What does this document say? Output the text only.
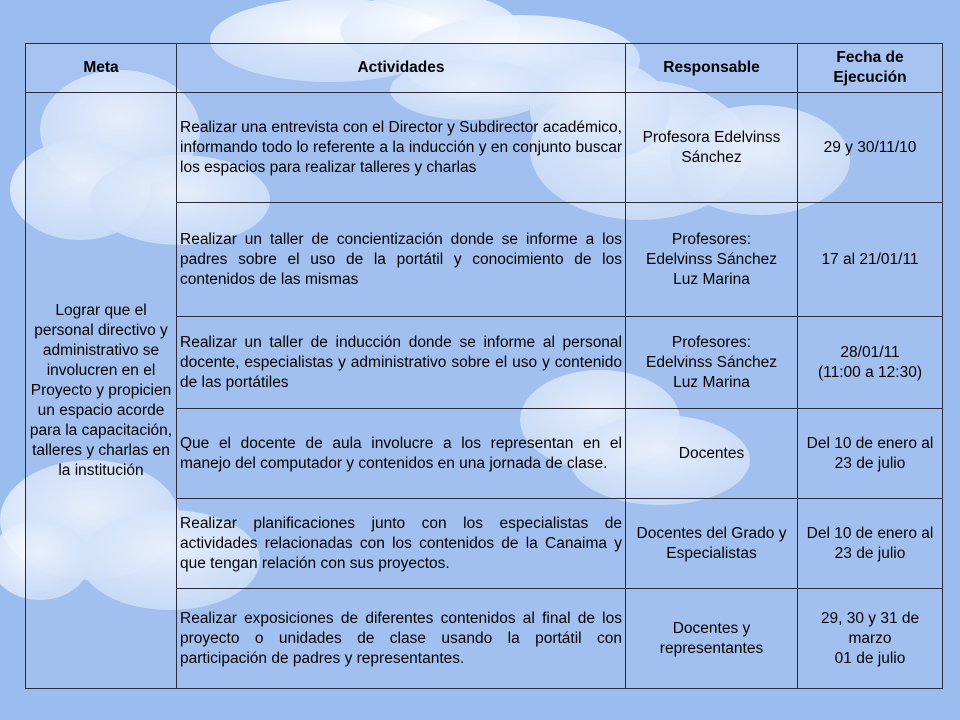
Meta	Actividades	Responsable	Fecha de Ejecución
Lograr que el personal directivo y administrativo se involucren en el Proyecto y propicien un espacio acorde para la capacitación, talleres y charlas en la institución	Realizar una entrevista con el Director y Subdirector académico, informando todo lo referente a la inducción y en conjunto buscar los espacios para realizar talleres y charlas	Profesora Edelvinss Sánchez	29 y 30/11/10

	Realizar un taller de concientización donde se informe a los padres sobre el uso de la portátil y conocimiento de los contenidos de las mismas	Profesores:
Edelvinss Sánchez
Luz Marina	17 al 21/01/11

	Realizar un taller de inducción donde se informe al personal docente, especialistas y administrativo sobre el uso y contenido de las portátiles	Profesores:
Edelvinss Sánchez
Luz Marina	28/01/11
(11:00 a 12:30)

	Que el docente de aula involucre a los representan en el manejo del computador y contenidos en una jornada de clase.	Docentes	Del 10 de enero al 23 de julio

	Realizar planificaciones junto con los especialistas de actividades relacionadas con los contenidos de la Canaima y que tengan relación con sus proyectos.	Docentes del Grado y Especialistas	Del 10 de enero al 23 de julio

	Realizar exposiciones de diferentes contenidos al final de los proyecto o unidades de clase usando la portátil con participación de padres y representantes.	Docentes y representantes	29, 30 y 31 de marzo
01 de julio
